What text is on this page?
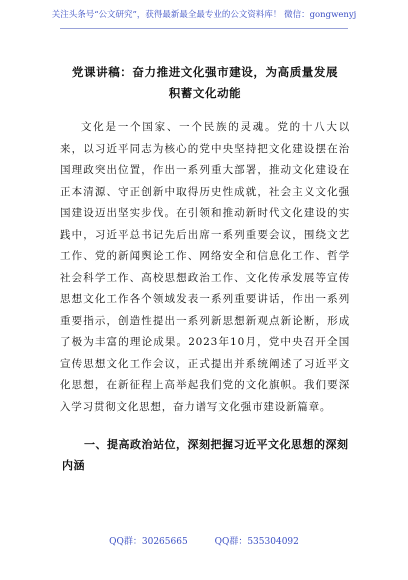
关注头条号“公文研究”，获得最新最全最专业的公文资料库！ 微信：gongwenyj
党课讲稿：奋力推进文化强市建设，为高质量发展积蓄文化动能

文化是一个国家、一个民族的灵魂。党的十八大以来，以习近平同志为核心的党中央坚持把文化建设摆在治国理政突出位置，作出一系列重大部署，推动文化建设在正本清源、守正创新中取得历史性成就，社会主义文化强国建设迈出坚实步伐。在引领和推动新时代文化建设的实践中，习近平总书记先后出席一系列重要会议，围绕文艺工作、党的新闻舆论工作、网络安全和信息化工作、哲学社会科学工作、高校思想政治工作、文化传承发展等宣传思想文化工作各个领域发表一系列重要讲话，作出一系列重要指示，创造性提出一系列新思想新观点新论断，形成了极为丰富的理论成果。2023年10月，党中央召开全国宣传思想文化工作会议，正式提出并系统阐述了习近平文化思想，在新征程上高举起我们党的文化旗帜。我们要深入学习贯彻文化思想，奋力谱写文化强市建设新篇章。

一、提高政治站位，深刻把握习近平文化思想的深刻内涵

QQ群：30265665	QQ群：535304092
